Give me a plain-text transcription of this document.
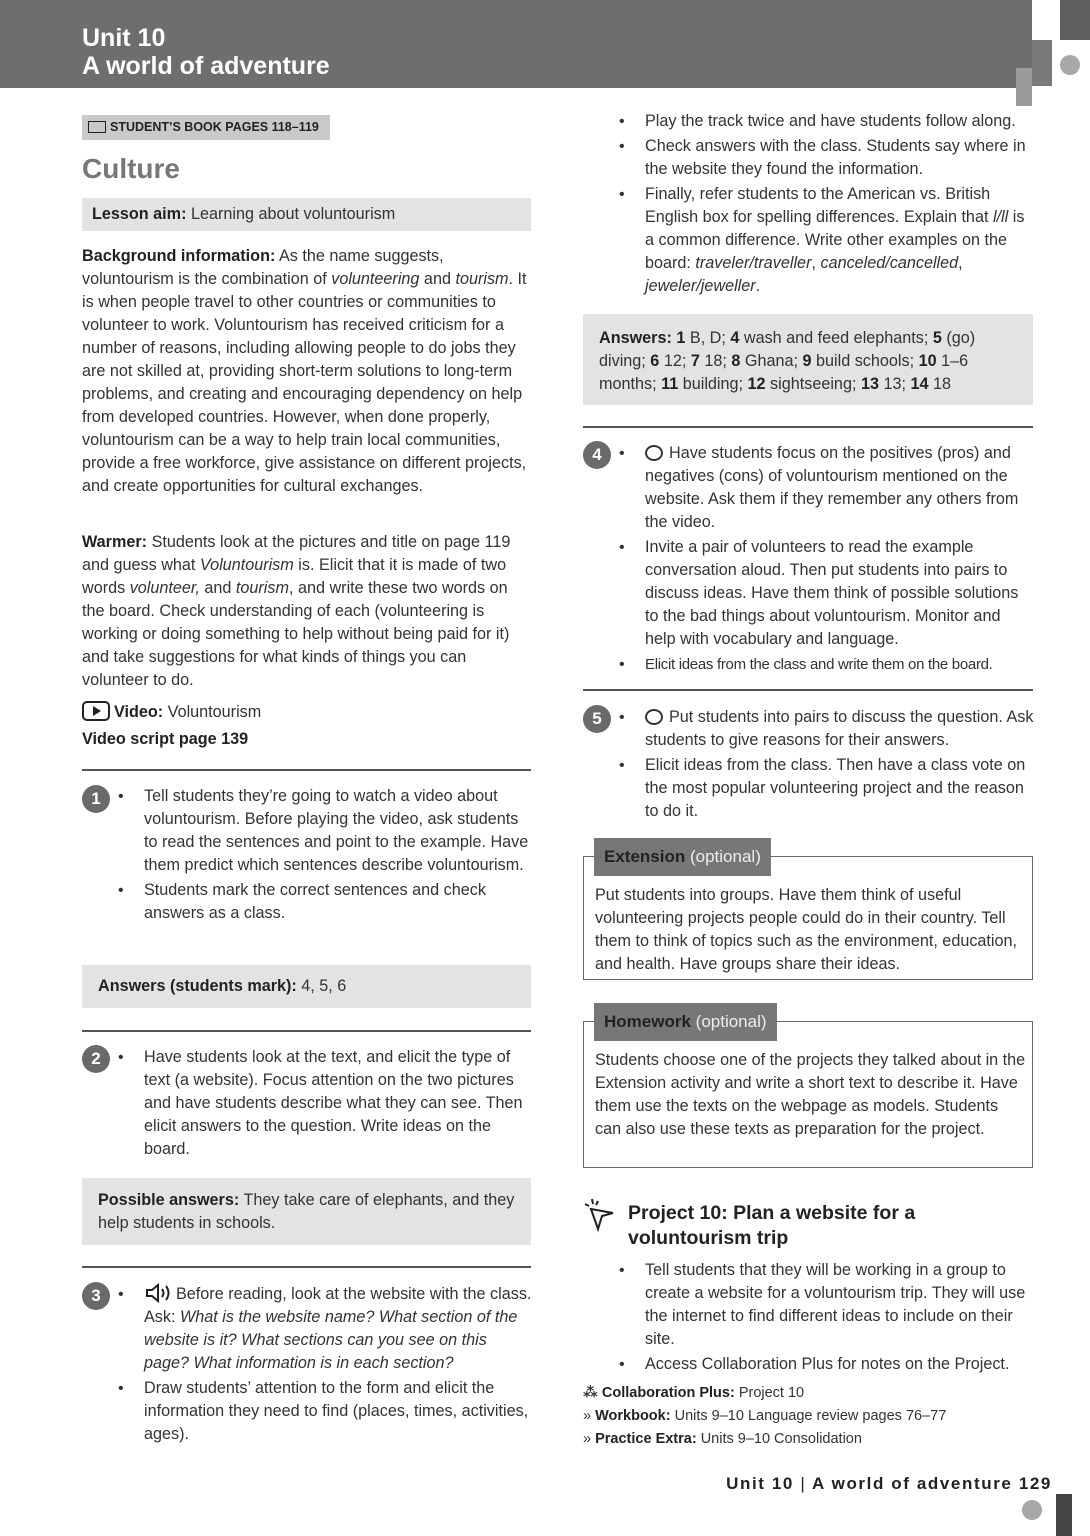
Unit 10
A world of adventure
STUDENT’S BOOK PAGES 118–119
Culture
Lesson aim: Learning about voluntourism

Background information: As the name suggests, voluntourism is the combination of volunteering and tourism. It is when people travel to other countries or communities to volunteer to work. Voluntourism has received criticism for a number of reasons, including allowing people to do jobs they are not skilled at, providing short-term solutions to long-term problems, and creating and encouraging dependency on help from developed countries. However, when done properly, voluntourism can be a way to help train local communities, provide a free workforce, give assistance on different projects, and create opportunities for cultural exchanges.

Warmer: Students look at the pictures and title on page 119 and guess what Voluntourism is. Elicit that it is made of two words volunteer, and tourism, and write these two words on the board. Check understanding of each (volunteering is working or doing something to help without being paid for it) and take suggestions for what kinds of things you can volunteer to do.

Video: Voluntourism

Video script page 139

1	• Tell students they’re going to watch a video about voluntourism. Before playing the video, ask students to read the sentences and point to the example. Have them predict which sentences describe voluntourism.

• Students mark the correct sentences and check answers as a class.

Answers (students mark): 4, 5, 6
2	• Have students look at the text, and elicit the type of text (a website). Focus attention on the two pictures and have students describe what they can see. Then elicit answers to the question. Write ideas on the board.

Possible answers: They take care of elephants, and they help students in schools.
3	• Before reading, look at the website with the class. Ask: What is the website name? What section of the website is it? What sections can you see on this page? What information is in each section?

• Draw students’ attention to the form and elicit the information they need to find (places, times, activities, ages).

• Play the track twice and have students follow along.

• Check answers with the class. Students say where in the website they found the information.

• Finally, refer students to the American vs. British English box for spelling differences. Explain that l/ll is a common difference. Write other examples on the board: traveler/traveller, canceled/cancelled, jeweler/jeweller.

Answers: 1 B, D; 4 wash and feed elephants; 5 (go) diving; 6 12; 7 18; 8 Ghana; 9 build schools; 10 1–6 months; 11 building; 12 sightseeing; 13 13; 14 18
4	• Have students focus on the positives (pros) and negatives (cons) of voluntourism mentioned on the website. Ask them if they remember any others from the video.

• Invite a pair of volunteers to read the example conversation aloud. Then put students into pairs to discuss ideas. Have them think of possible solutions to the bad things about voluntourism. Monitor and help with vocabulary and language.

• Elicit ideas from the class and write them on the board.

5	• Put students into pairs to discuss the question. Ask students to give reasons for their answers.

• Elicit ideas from the class. Then have a class vote on the most popular volunteering project and the reason to do it.

Extension (optional)
Put students into groups. Have them think of useful volunteering projects people could do in their country. Tell them to think of topics such as the environment, education, and health. Have groups share their ideas.
Homework (optional)
Students choose one of the projects they talked about in the Extension activity and write a short text to describe it. Have them use the texts on the webpage as models. Students can also use these texts as preparation for the project.
Project 10: Plan a website for a voluntourism trip

• Tell students that they will be working in a group to create a website for a voluntourism trip. They will use the internet to find different ideas to include on their site.

• Access Collaboration Plus for notes on the Project.

⁂ Collaboration Plus: Project 10
» Workbook: Units 9–10 Language review pages 76–77
» Practice Extra: Units 9–10 Consolidation
Unit 10 | A world of adventure 129
